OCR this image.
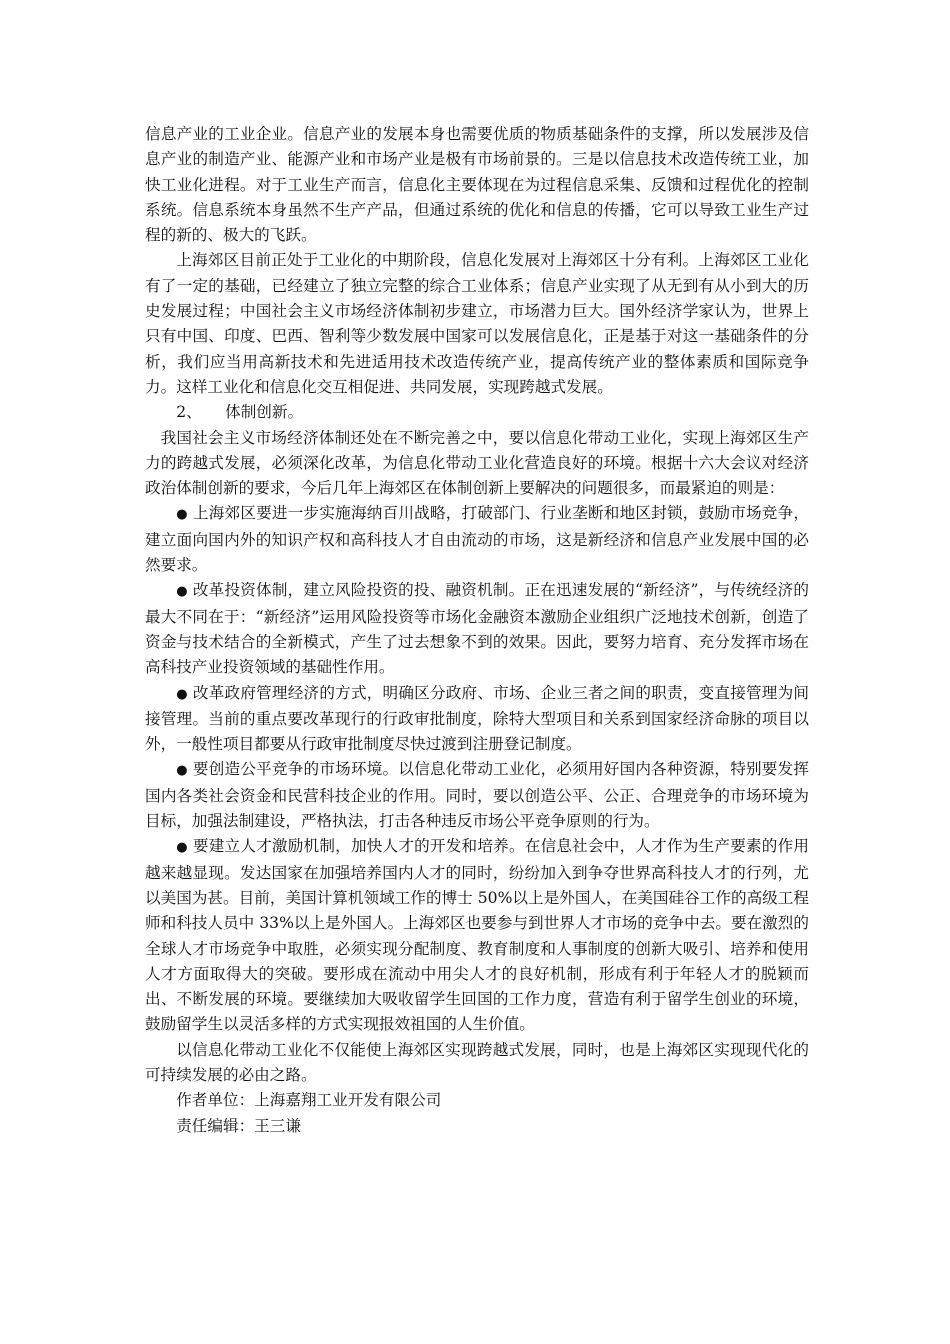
信息产业的工业企业。信息产业的发展本身也需要优质的物质基础条件的支撑，所以发展涉及信息产业的制造产业、能源产业和市场产业是极有市场前景的。三是以信息技术改造传统工业，加快工业化进程。对于工业生产而言，信息化主要体现在为过程信息采集、反馈和过程优化的控制系统。信息系统本身虽然不生产产品，但通过系统的优化和信息的传播，它可以导致工业生产过程的新的、极大的飞跃。

上海郊区目前正处于工业化的中期阶段，信息化发展对上海郊区十分有利。上海郊区工业化有了一定的基础，已经建立了独立完整的综合工业体系；信息产业实现了从无到有从小到大的历史发展过程；中国社会主义市场经济体制初步建立，市场潜力巨大。国外经济学家认为，世界上只有中国、印度、巴西、智利等少数发展中国家可以发展信息化，正是基于对这一基础条件的分析，我们应当用高新技术和先进适用技术改造传统产业，提高传统产业的整体素质和国际竞争力。这样工业化和信息化交互相促进、共同发展，实现跨越式发展。

2、 体制创新。

我国社会主义市场经济体制还处在不断完善之中，要以信息化带动工业化，实现上海郊区生产力的跨越式发展，必须深化改革，为信息化带动工业化营造良好的环境。根据十六大会议对经济政治体制创新的要求，今后几年上海郊区在体制创新上要解决的问题很多，而最紧迫的则是：

● 上海郊区要进一步实施海纳百川战略，打破部门、行业垄断和地区封锁，鼓励市场竞争，建立面向国内外的知识产权和高科技人才自由流动的市场，这是新经济和信息产业发展中国的必然要求。

● 改革投资体制，建立风险投资的投、融资机制。正在迅速发展的“新经济”，与传统经济的最大不同在于：“新经济”运用风险投资等市场化金融资本激励企业组织广泛地技术创新，创造了资金与技术结合的全新模式，产生了过去想象不到的效果。因此，要努力培育、充分发挥市场在高科技产业投资领域的基础性作用。

● 改革政府管理经济的方式，明确区分政府、市场、企业三者之间的职责，变直接管理为间接管理。当前的重点要改革现行的行政审批制度，除特大型项目和关系到国家经济命脉的项目以外，一般性项目都要从行政审批制度尽快过渡到注册登记制度。

● 要创造公平竞争的市场环境。以信息化带动工业化，必须用好国内各种资源，特别要发挥国内各类社会资金和民营科技企业的作用。同时，要以创造公平、公正、合理竞争的市场环境为目标，加强法制建设，严格执法，打击各种违反市场公平竞争原则的行为。

● 要建立人才激励机制，加快人才的开发和培养。在信息社会中，人才作为生产要素的作用越来越显现。发达国家在加强培养国内人才的同时，纷纷加入到争夺世界高科技人才的行列，尤以美国为甚。目前，美国计算机领域工作的博士 50%以上是外国人，在美国硅谷工作的高级工程师和科技人员中 33%以上是外国人。上海郊区也要参与到世界人才市场的竞争中去。要在激烈的全球人才市场竞争中取胜，必须实现分配制度、教育制度和人事制度的创新大吸引、培养和使用人才方面取得大的突破。要形成在流动中用尖人才的良好机制，形成有利于年轻人才的脱颖而出、不断发展的环境。要继续加大吸收留学生回国的工作力度，营造有利于留学生创业的环境，鼓励留学生以灵活多样的方式实现报效祖国的人生价值。

以信息化带动工业化不仅能使上海郊区实现跨越式发展，同时，也是上海郊区实现现代化的可持续发展的必由之路。

作者单位：上海嘉翔工业开发有限公司

责任编辑：王三谦
